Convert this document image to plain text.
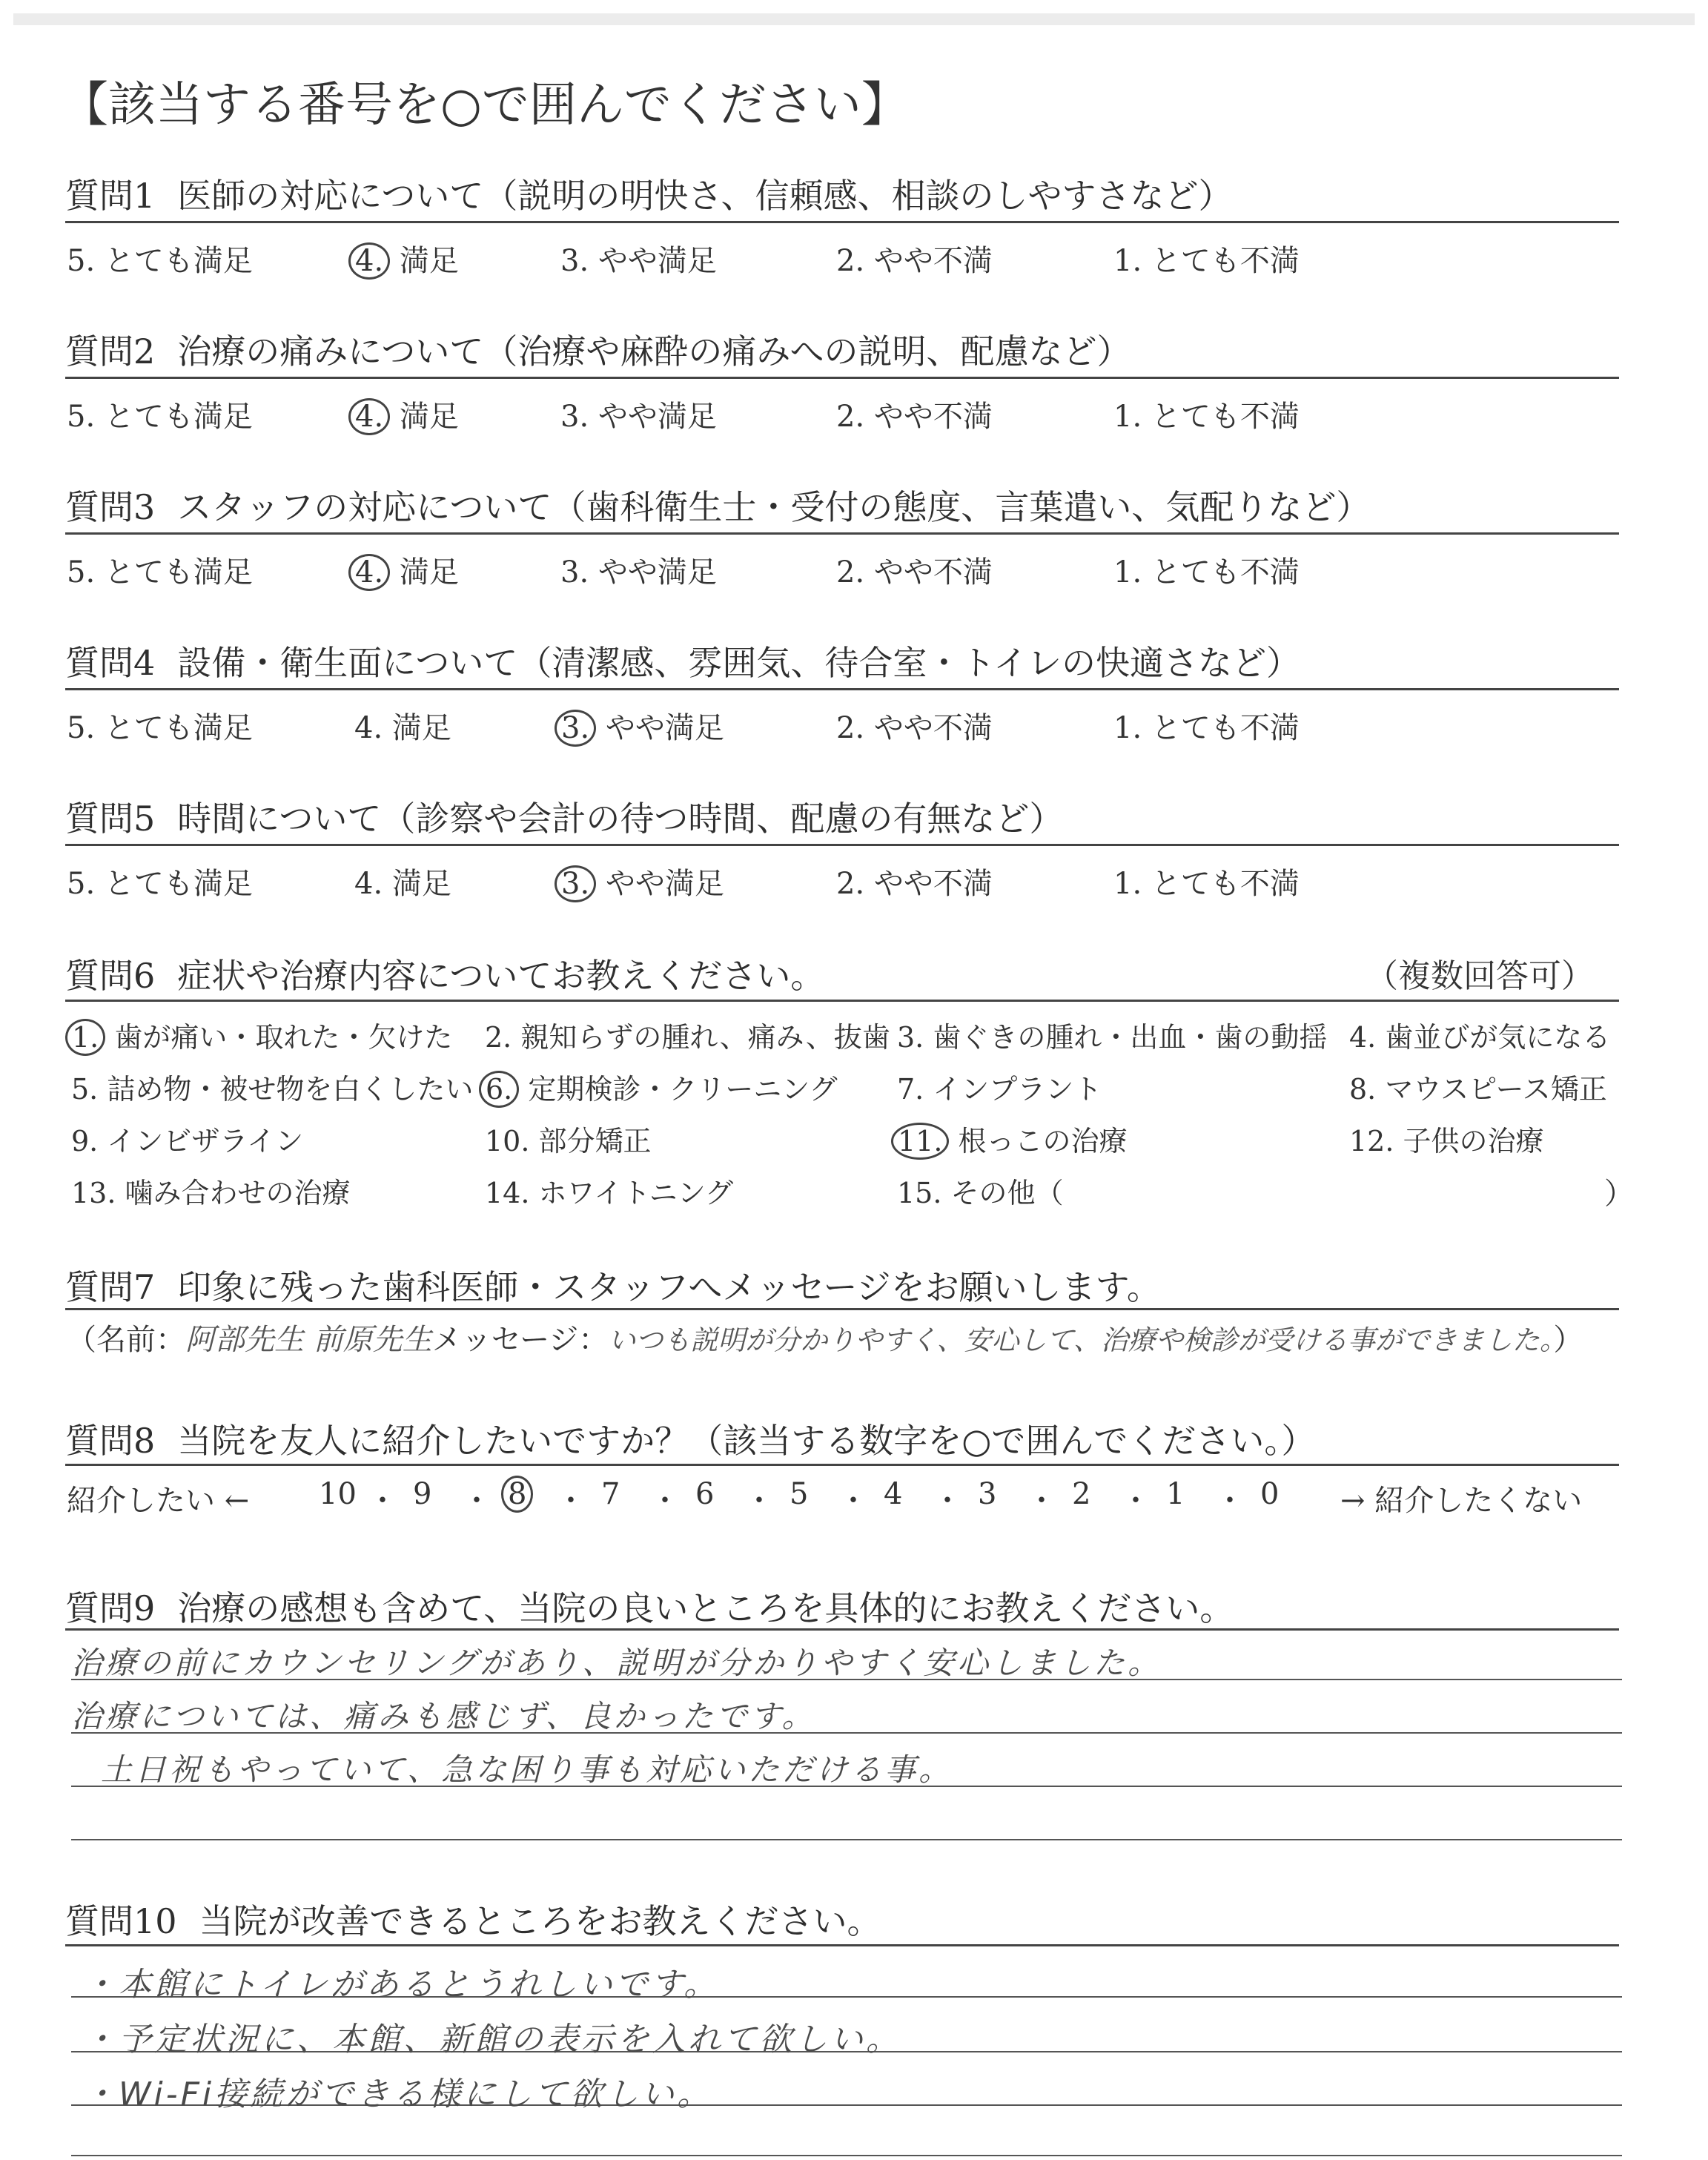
【該当する番号を○で囲んでください】
質問1 医師の対応について（説明の明快さ、信頼感、相談のしやすさなど）
5. とても満足	4. 満足	3. やや満足	2. やや不満	1. とても不満
質問2 治療の痛みについて（治療や麻酔の痛みへの説明、配慮など）
5. とても満足	4. 満足	3. やや満足	2. やや不満	1. とても不満
質問3 スタッフの対応について（歯科衛生士・受付の態度、言葉遣い、気配りなど）
5. とても満足	4. 満足	3. やや満足	2. やや不満	1. とても不満
質問4 設備・衛生面について（清潔感、雰囲気、待合室・トイレの快適さなど）
5. とても満足	4. 満足	3. やや満足	2. やや不満	1. とても不満
質問5 時間について（診察や会計の待つ時間、配慮の有無など）
5. とても満足	4. 満足	3. やや満足	2. やや不満	1. とても不満
質問6 症状や治療内容についてお教えください。	（複数回答可）
1. 歯が痛い・取れた・欠けた 2. 親知らずの腫れ、痛み、抜歯 3. 歯ぐきの腫れ・出血・歯の動揺 4. 歯並びが気になる
5. 詰め物・被せ物を白くしたい 6. 定期検診・クリーニング 7. インプラント	8. マウスピース矯正
9. インビザライン	10. 部分矯正	11. 根っこの治療	12. 子供の治療
13. 噛み合わせの治療	14. ホワイトニング	15. その他（	）
質問7 印象に残った歯科医師・スタッフへメッセージをお願いします。
（名前：阿部先生 前原先生メッセージ：いつも説明が分かりやすく、安心して、治療や検診が受ける事ができました。）
質問8 当院を友人に紹介したいですか？（該当する数字を○で囲んでください。）
紹介したい ← 10 ・ 9 ・ 8 ・ 7 ・ 6 ・ 5 ・ 4 ・ 3 ・ 2 ・ 1 ・ 0 → 紹介したくない
質問9 治療の感想も含めて、当院の良いところを具体的にお教えください。
治療の前にカウンセリングがあり、説明が分かりやすく安心しました。
治療については、痛みも感じず、良かったです。
土日祝もやっていて、急な困り事も対応いただける事。
質問10 当院が改善できるところをお教えください。
・本館にトイレがあるとうれしいです。
・予定状況に、本館、新館の表示を入れて欲しい。
・Wi-Fi接続ができる様にして欲しい。
